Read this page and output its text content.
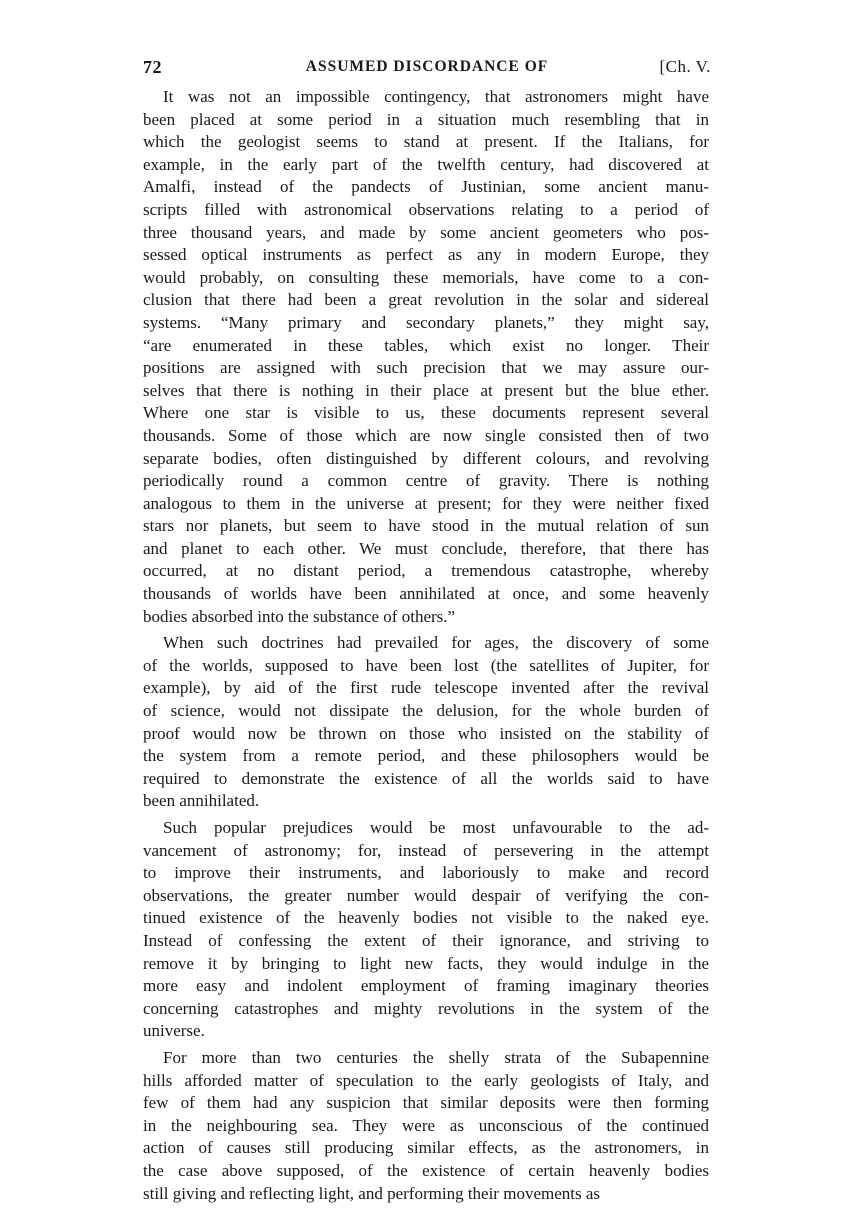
72	ASSUMED DISCORDANCE OF	[Ch. V.
It was not an impossible contingency, that astronomers might have
been placed at some period in a situation much resembling that in
which the geologist seems to stand at present. If the Italians, for
example, in the early part of the twelfth century, had discovered at
Amalfi, instead of the pandects of Justinian, some ancient manu-
scripts filled with astronomical observations relating to a period of
three thousand years, and made by some ancient geometers who pos-
sessed optical instruments as perfect as any in modern Europe, they
would probably, on consulting these memorials, have come to a con-
clusion that there had been a great revolution in the solar and sidereal
systems. “Many primary and secondary planets,” they might say,
“are enumerated in these tables, which exist no longer. Their
positions are assigned with such precision that we may assure our-
selves that there is nothing in their place at present but the blue ether.
Where one star is visible to us, these documents represent several
thousands. Some of those which are now single consisted then of two
separate bodies, often distinguished by different colours, and revolving
periodically round a common centre of gravity. There is nothing
analogous to them in the universe at present; for they were neither fixed
stars nor planets, but seem to have stood in the mutual relation of sun
and planet to each other. We must conclude, therefore, that there has
occurred, at no distant period, a tremendous catastrophe, whereby
thousands of worlds have been annihilated at once, and some heavenly
bodies absorbed into the substance of others.”
When such doctrines had prevailed for ages, the discovery of some
of the worlds, supposed to have been lost (the satellites of Jupiter, for
example), by aid of the first rude telescope invented after the revival
of science, would not dissipate the delusion, for the whole burden of
proof would now be thrown on those who insisted on the stability of
the system from a remote period, and these philosophers would be
required to demonstrate the existence of all the worlds said to have
been annihilated.
Such popular prejudices would be most unfavourable to the ad-
vancement of astronomy; for, instead of persevering in the attempt
to improve their instruments, and laboriously to make and record
observations, the greater number would despair of verifying the con-
tinued existence of the heavenly bodies not visible to the naked eye.
Instead of confessing the extent of their ignorance, and striving to
remove it by bringing to light new facts, they would indulge in the
more easy and indolent employment of framing imaginary theories
concerning catastrophes and mighty revolutions in the system of the
universe.
For more than two centuries the shelly strata of the Subapennine
hills afforded matter of speculation to the early geologists of Italy, and
few of them had any suspicion that similar deposits were then forming
in the neighbouring sea. They were as unconscious of the continued
action of causes still producing similar effects, as the astronomers, in
the case above supposed, of the existence of certain heavenly bodies
still giving and reflecting light, and performing their movements as
